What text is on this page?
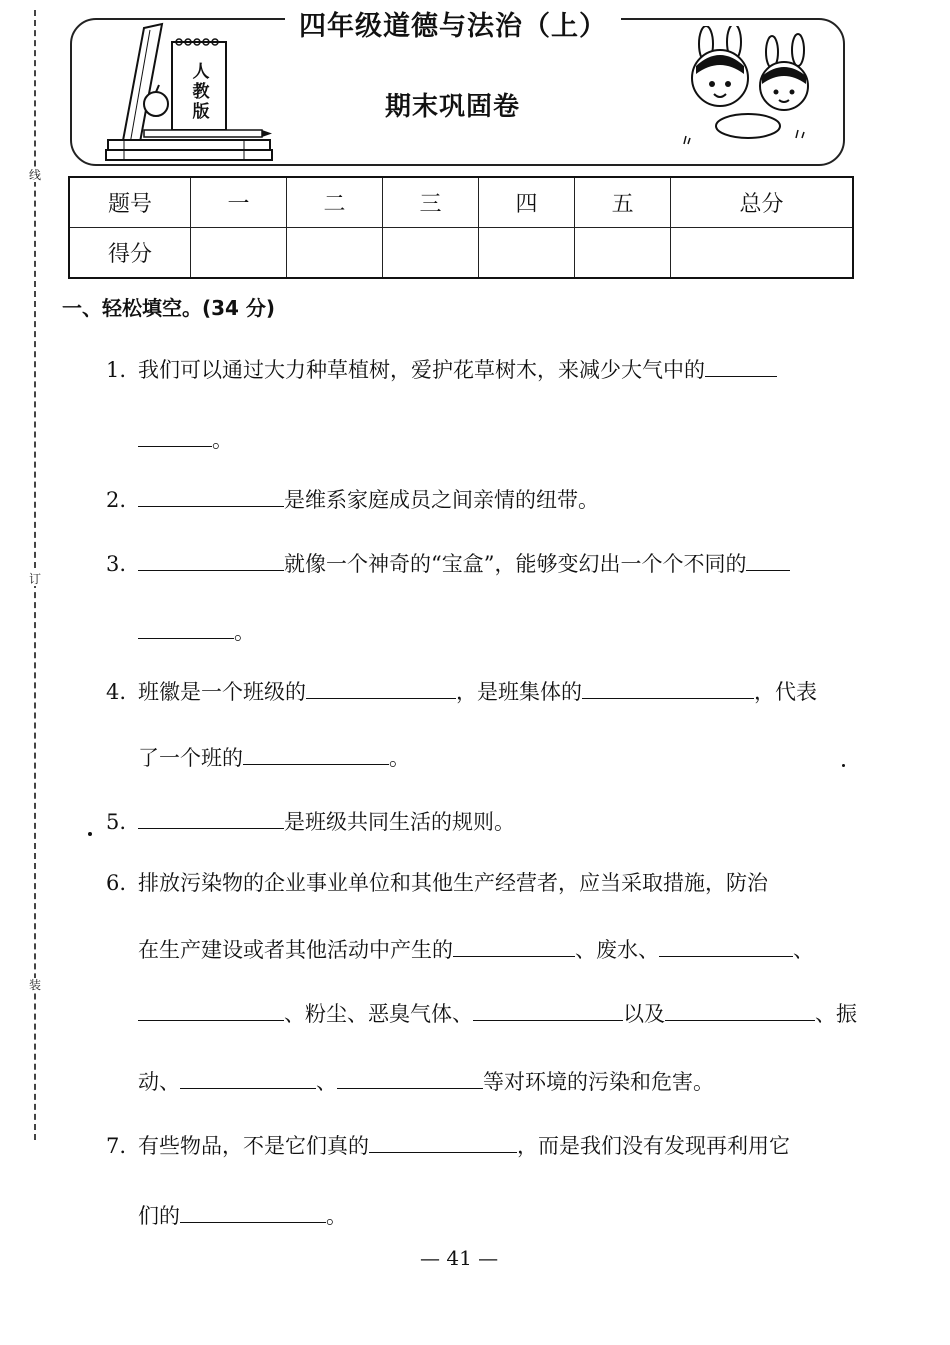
线
订
装
四年级道德与法治（上）
期末巩固卷
人教版
题号	一	二	三	四	五	总分
得分						
一、轻松填空。(34 分)
1. 我们可以通过大力种草植树，爱护花草树木，来减少大气中的
。
2.	是维系家庭成员之间亲情的纽带。
3.	就像一个神奇的“宝盒”，能够变幻出一个个不同的
。
4. 班徽是一个班级的	，是班集体的	，代表
了一个班的	。
5.	是班级共同生活的规则。
6. 排放污染物的企业事业单位和其他生产经营者，应当采取措施，防治
在生产建设或者其他活动中产生的	、废水、	、
、粉尘、恶臭气体、	以及	、振
动、	、	等对环境的污染和危害。
7. 有些物品，不是它们真的	，而是我们没有发现再利用它
们的	。
— 41 —
